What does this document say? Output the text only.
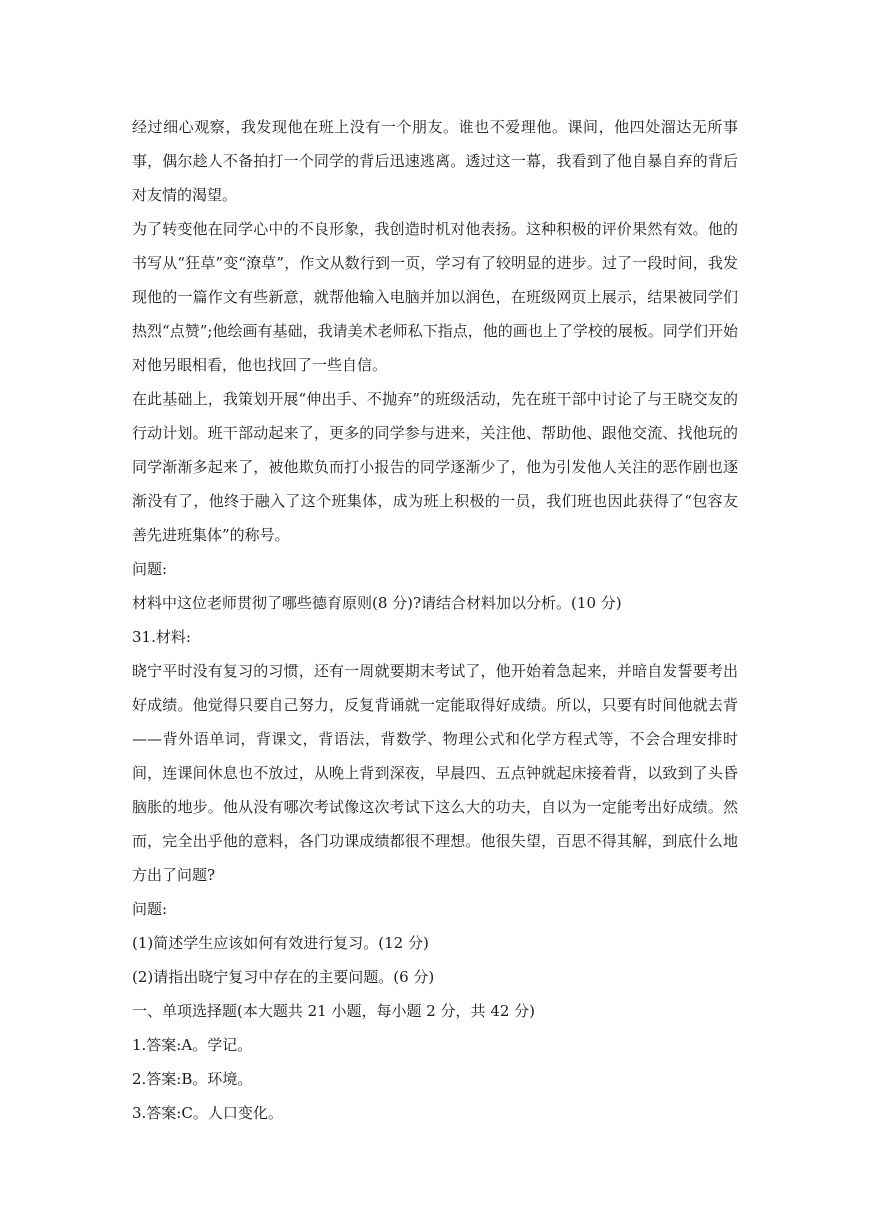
经过细心观察，我发现他在班上没有一个朋友。谁也不爱理他。课间，他四处溜达无所事事，偶尔趁人不备拍打一个同学的背后迅速逃离。透过这一幕，我看到了他自暴自弃的背后对友情的渴望。

为了转变他在同学心中的不良形象，我创造时机对他表扬。这种积极的评价果然有效。他的书写从“狂草”变“潦草”，作文从数行到一页，学习有了较明显的进步。过了一段时间，我发现他的一篇作文有些新意，就帮他输入电脑并加以润色，在班级网页上展示，结果被同学们热烈“点赞”;他绘画有基础，我请美术老师私下指点，他的画也上了学校的展板。同学们开始对他另眼相看，他也找回了一些自信。

在此基础上，我策划开展“伸出手、不抛弃”的班级活动，先在班干部中讨论了与王晓交友的行动计划。班干部动起来了，更多的同学参与进来，关注他、帮助他、跟他交流、找他玩的同学渐渐多起来了，被他欺负而打小报告的同学逐渐少了，他为引发他人关注的恶作剧也逐渐没有了，他终于融入了这个班集体，成为班上积极的一员，我们班也因此获得了“包容友善先进班集体”的称号。

问题:

材料中这位老师贯彻了哪些德育原则(8 分)?请结合材料加以分析。(10 分)

31.材料:

晓宁平时没有复习的习惯，还有一周就要期末考试了，他开始着急起来，并暗自发誓要考出好成绩。他觉得只要自己努力，反复背诵就一定能取得好成绩。所以，只要有时间他就去背——背外语单词，背课文，背语法，背数学、物理公式和化学方程式等，不会合理安排时间，连课间休息也不放过，从晚上背到深夜，早晨四、五点钟就起床接着背，以致到了头昏脑胀的地步。他从没有哪次考试像这次考试下这么大的功夫，自以为一定能考出好成绩。然而，完全出乎他的意料，各门功课成绩都很不理想。他很失望，百思不得其解，到底什么地方出了问题?

问题:

(1)简述学生应该如何有效进行复习。(12 分)

(2)请指出晓宁复习中存在的主要问题。(6 分)

一、单项选择题(本大题共 21 小题，每小题 2 分，共 42 分)

1.答案:A。学记。

2.答案:B。环境。

3.答案:C。人口变化。
